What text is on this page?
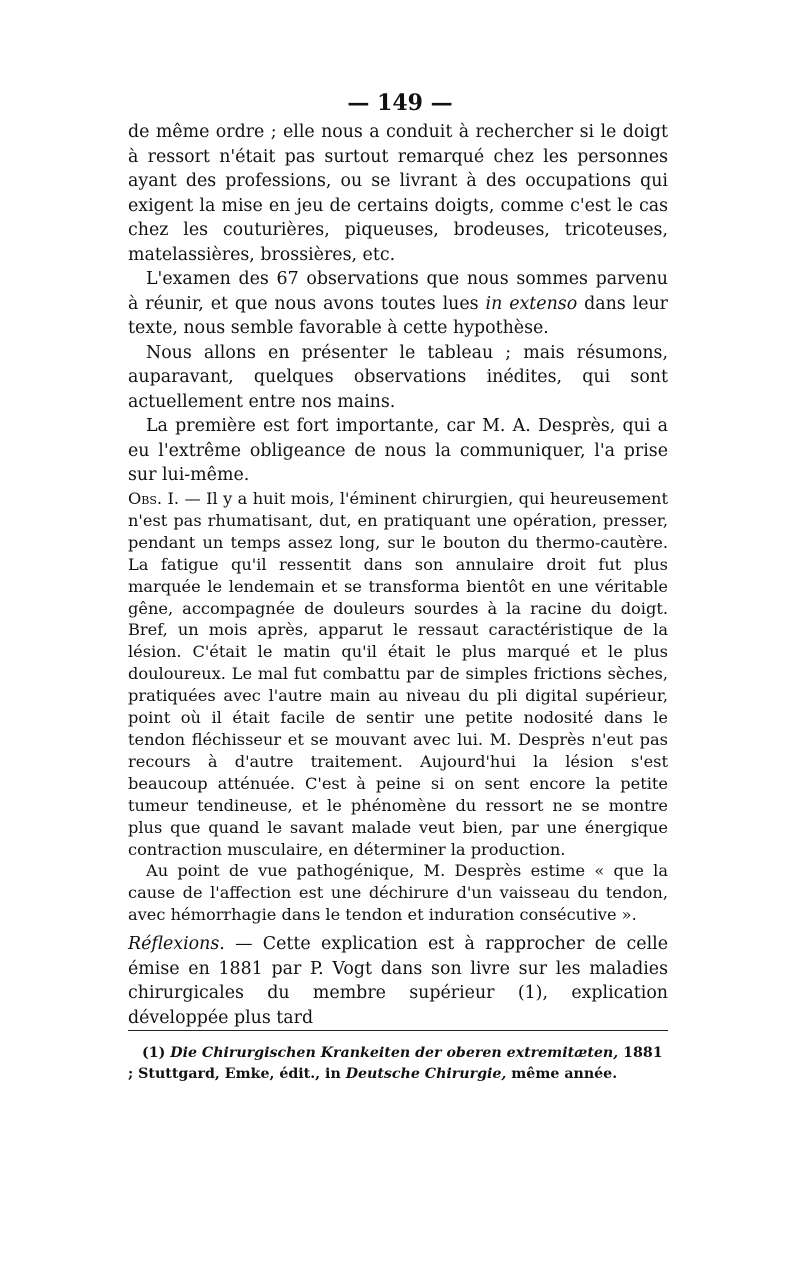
— 149 —

de même ordre ; elle nous a conduit à rechercher si le doigt à ressort n'était pas surtout remarqué chez les personnes ayant des professions, ou se livrant à des occupations qui exigent la mise en jeu de certains doigts, comme c'est le cas chez les couturières, piqueuses, brodeuses, tricoteuses, matelassières, brossières, etc.

L'examen des 67 observations que nous sommes parvenu à réunir, et que nous avons toutes lues in extenso dans leur texte, nous semble favorable à cette hypothèse.

Nous allons en présenter le tableau ; mais résumons, auparavant, quelques observations inédites, qui sont actuellement entre nos mains.

La première est fort importante, car M. A. Desprès, qui a eu l'extrême obligeance de nous la communiquer, l'a prise sur lui-même.

Obs. I. — Il y a huit mois, l'éminent chirurgien, qui heureusement n'est pas rhumatisant, dut, en pratiquant une opération, presser, pendant un temps assez long, sur le bouton du thermo-cautère. La fatigue qu'il ressentit dans son annulaire droit fut plus marquée le lendemain et se transforma bientôt en une véritable gêne, accompagnée de douleurs sourdes à la racine du doigt. Bref, un mois après, apparut le ressaut caractéristique de la lésion. C'était le matin qu'il était le plus marqué et le plus douloureux. Le mal fut combattu par de simples frictions sèches, pratiquées avec l'autre main au niveau du pli digital supérieur, point où il était facile de sentir une petite nodosité dans le tendon fléchisseur et se mouvant avec lui. M. Desprès n'eut pas recours à d'autre traitement. Aujourd'hui la lésion s'est beaucoup atténuée. C'est à peine si on sent encore la petite tumeur tendineuse, et le phénomène du ressort ne se montre plus que quand le savant malade veut bien, par une énergique contraction musculaire, en déterminer la production.

Au point de vue pathogénique, M. Desprès estime « que la cause de l'affection est une déchirure d'un vaisseau du tendon, avec hémorrhagie dans le tendon et induration consécutive ».

Réflexions. — Cette explication est à rapprocher de celle émise en 1881 par P. Vogt dans son livre sur les maladies chirurgicales du membre supérieur (1), explication développée plus tard

(1) Die Chirurgischen Krankeiten der oberen extremitæten, 1881 ; Stuttgard, Emke, édit., in Deutsche Chirurgie, même année.
